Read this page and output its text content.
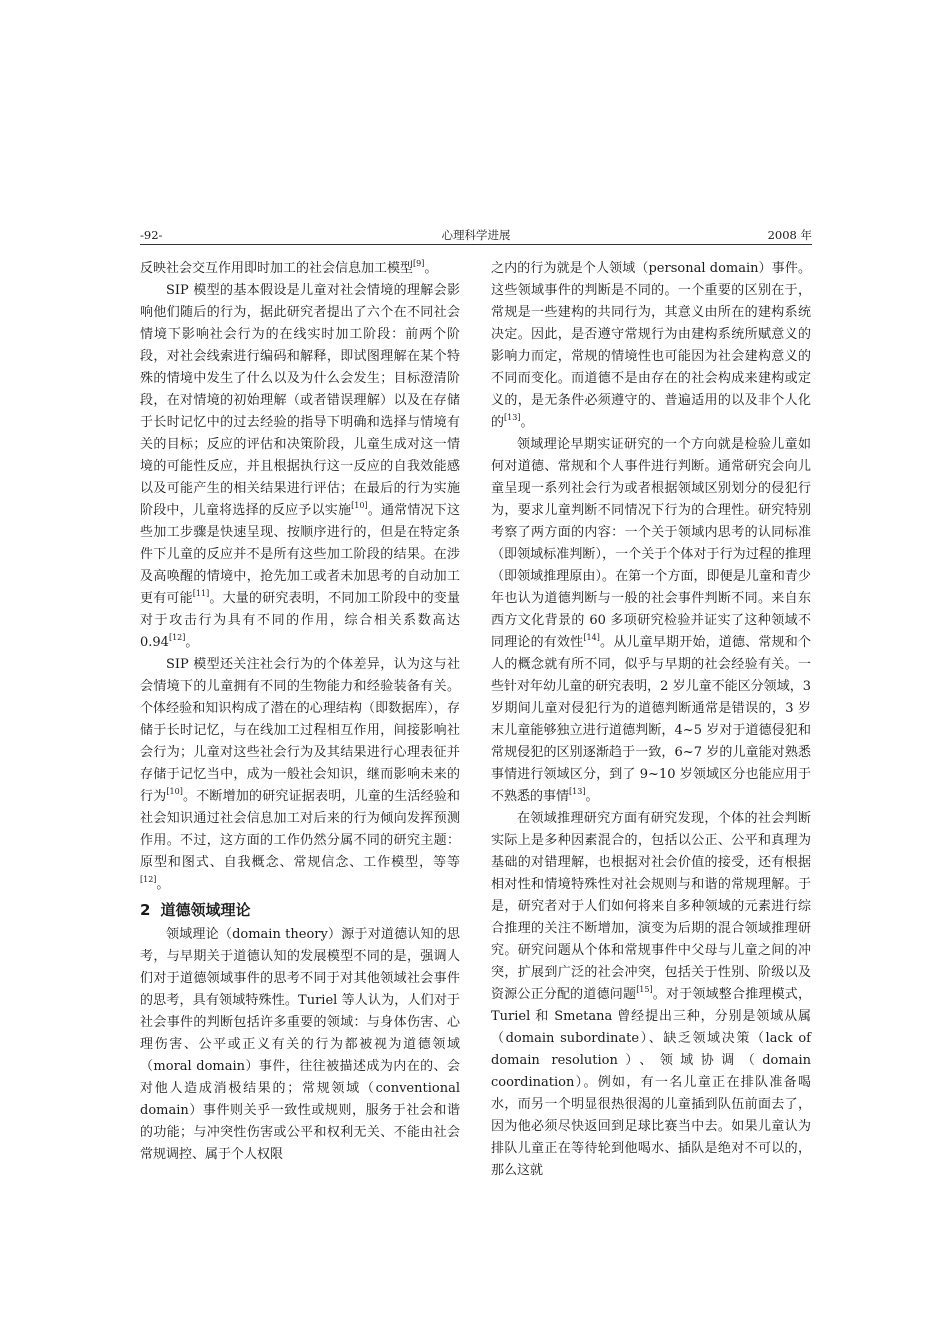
-92-	心理科学进展	2008 年

反映社会交互作用即时加工的社会信息加工模型[9]。

SIP 模型的基本假设是儿童对社会情境的理解会影响他们随后的行为，据此研究者提出了六个在不同社会情境下影响社会行为的在线实时加工阶段：前两个阶段，对社会线索进行编码和解释，即试图理解在某个特殊的情境中发生了什么以及为什么会发生；目标澄清阶段，在对情境的初始理解（或者错误理解）以及在存储于长时记忆中的过去经验的指导下明确和选择与情境有关的目标；反应的评估和决策阶段，儿童生成对这一情境的可能性反应，并且根据执行这一反应的自我效能感以及可能产生的相关结果进行评估；在最后的行为实施阶段中，儿童将选择的反应予以实施[10]。通常情况下这些加工步骤是快速呈现、按顺序进行的，但是在特定条件下儿童的反应并不是所有这些加工阶段的结果。在涉及高唤醒的情境中，抢先加工或者未加思考的自动加工更有可能[11]。大量的研究表明，不同加工阶段中的变量对于攻击行为具有不同的作用，综合相关系数高达 0.94[12]。

SIP 模型还关注社会行为的个体差异，认为这与社会情境下的儿童拥有不同的生物能力和经验装备有关。个体经验和知识构成了潜在的心理结构（即数据库），存储于长时记忆，与在线加工过程相互作用，间接影响社会行为；儿童对这些社会行为及其结果进行心理表征并存储于记忆当中，成为一般社会知识，继而影响未来的行为[10]。不断增加的研究证据表明，儿童的生活经验和社会知识通过社会信息加工对后来的行为倾向发挥预测作用。不过，这方面的工作仍然分属不同的研究主题：原型和图式、自我概念、常规信念、工作模型，等等[12]。

2 道德领域理论

领域理论（domain theory）源于对道德认知的思考，与早期关于道德认知的发展模型不同的是，强调人们对于道德领域事件的思考不同于对其他领域社会事件的思考，具有领域特殊性。Turiel 等人认为，人们对于社会事件的判断包括许多重要的领域：与身体伤害、心理伤害、公平或正义有关的行为都被视为道德领域（moral domain）事件，往往被描述成为内在的、会对他人造成消极结果的；常规领域（conventional domain）事件则关乎一致性或规则，服务于社会和谐的功能；与冲突性伤害或公平和权利无关、不能由社会常规调控、属于个人权限

之内的行为就是个人领域（personal domain）事件。这些领域事件的判断是不同的。一个重要的区别在于，常规是一些建构的共同行为，其意义由所在的建构系统决定。因此，是否遵守常规行为由建构系统所赋意义的影响力而定，常规的情境性也可能因为社会建构意义的不同而变化。而道德不是由存在的社会构成来建构或定义的，是无条件必须遵守的、普遍适用的以及非个人化的[13]。

领域理论早期实证研究的一个方向就是检验儿童如何对道德、常规和个人事件进行判断。通常研究会向儿童呈现一系列社会行为或者根据领域区别划分的侵犯行为，要求儿童判断不同情况下行为的合理性。研究特别考察了两方面的内容：一个关于领域内思考的认同标准（即领域标准判断），一个关于个体对于行为过程的推理（即领域推理原由）。在第一个方面，即便是儿童和青少年也认为道德判断与一般的社会事件判断不同。来自东西方文化背景的 60 多项研究检验并证实了这种领域不同理论的有效性[14]。从儿童早期开始，道德、常规和个人的概念就有所不同，似乎与早期的社会经验有关。一些针对年幼儿童的研究表明，2 岁儿童不能区分领域，3 岁期间儿童对侵犯行为的道德判断通常是错误的，3 岁末儿童能够独立进行道德判断，4~5 岁对于道德侵犯和常规侵犯的区别逐渐趋于一致，6~7 岁的儿童能对熟悉事情进行领域区分，到了 9~10 岁领域区分也能应用于不熟悉的事情[13]。

在领域推理研究方面有研究发现，个体的社会判断实际上是多种因素混合的，包括以公正、公平和真理为基础的对错理解，也根据对社会价值的接受，还有根据相对性和情境特殊性对社会规则与和谐的常规理解。于是，研究者对于人们如何将来自多种领域的元素进行综合推理的关注不断增加，演变为后期的混合领域推理研究。研究问题从个体和常规事件中父母与儿童之间的冲突，扩展到广泛的社会冲突，包括关于性别、阶级以及资源公正分配的道德问题[15]。对于领域整合推理模式，Turiel 和 Smetana 曾经提出三种，分别是领域从属（domain subordinate）、缺乏领域决策（lack of domain resolution）、领域协调（domain coordination）。例如，有一名儿童正在排队准备喝水，而另一个明显很热很渴的儿童插到队伍前面去了，因为他必须尽快返回到足球比赛当中去。如果儿童认为排队儿童正在等待轮到他喝水、插队是绝对不可以的，那么这就
